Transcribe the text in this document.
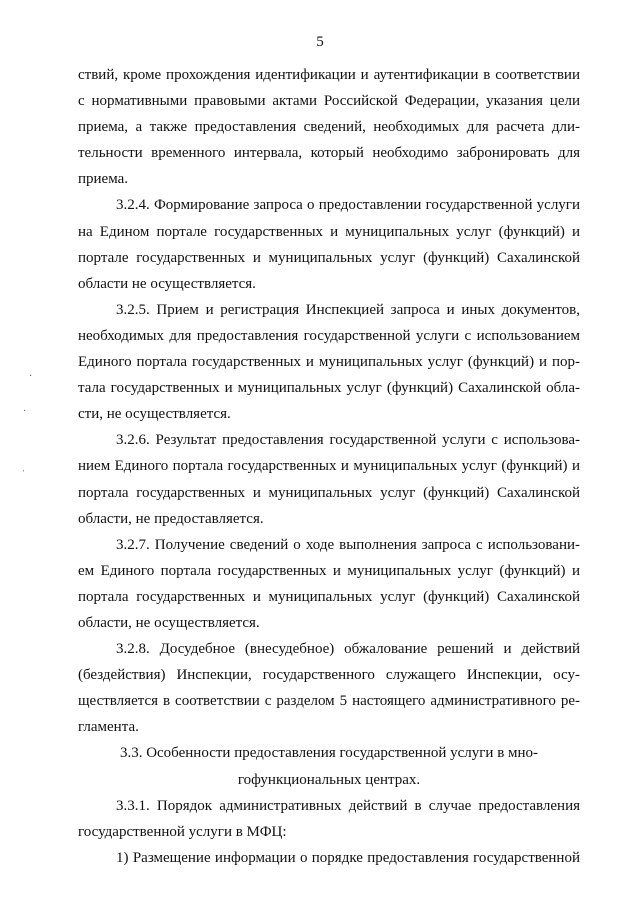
5
ствий, кроме прохождения идентификации и аутентификации в соответствии
с нормативными правовыми актами Российской Федерации, указания цели
приема, а также предоставления сведений, необходимых для расчета дли-
тельности временного интервала, который необходимо забронировать для
приема.
3.2.4. Формирование запроса о предоставлении государственной услуги
на Едином портале государственных и муниципальных услуг (функций) и
портале государственных и муниципальных услуг (функций) Сахалинской
области не осуществляется.
3.2.5. Прием и регистрация Инспекцией запроса и иных документов,
необходимых для предоставления государственной услуги с использованием
Единого портала государственных и муниципальных услуг (функций) и пор-
тала государственных и муниципальных услуг (функций) Сахалинской обла-
сти, не осуществляется.
3.2.6. Результат предоставления государственной услуги с использова-
нием Единого портала государственных и муниципальных услуг (функций) и
портала государственных и муниципальных услуг (функций) Сахалинской
области, не предоставляется.
3.2.7. Получение сведений о ходе выполнения запроса с использовани-
ем Единого портала государственных и муниципальных услуг (функций) и
портала государственных и муниципальных услуг (функций) Сахалинской
области, не осуществляется.
3.2.8. Досудебное (внесудебное) обжалование решений и действий
(бездействия) Инспекции, государственного служащего Инспекции, осу-
ществляется в соответствии с разделом 5 настоящего административного ре-
гламента.
3.3. Особенности предоставления государственной услуги в мно-
гофункциональных центрах.
3.3.1. Порядок административных действий в случае предоставления
государственной услуги в МФЦ:
1) Размещение информации о порядке предоставления государственной
·
·
ˌ
